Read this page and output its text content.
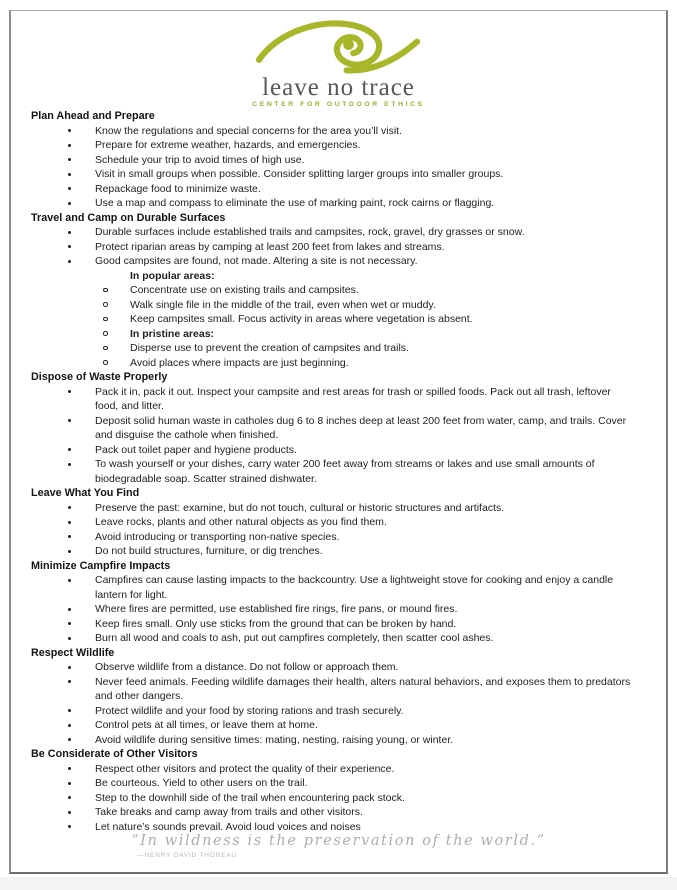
leave no trace
CENTER FOR OUTDOOR ETHICS
Plan Ahead and Prepare
Know the regulations and special concerns for the area you’ll visit.
Prepare for extreme weather, hazards, and emergencies.
Schedule your trip to avoid times of high use.
Visit in small groups when possible. Consider splitting larger groups into smaller groups.
Repackage food to minimize waste.
Use a map and compass to eliminate the use of marking paint, rock cairns or flagging.
Travel and Camp on Durable Surfaces
Durable surfaces include established trails and campsites, rock, gravel, dry grasses or snow.
Protect riparian areas by camping at least 200 feet from lakes and streams.
Good campsites are found, not made. Altering a site is not necessary.
In popular areas:
Concentrate use on existing trails and campsites.
Walk single file in the middle of the trail, even when wet or muddy.
Keep campsites small. Focus activity in areas where vegetation is absent.
In pristine areas:
Disperse use to prevent the creation of campsites and trails.
Avoid places where impacts are just beginning.
Dispose of Waste Properly
Pack it in, pack it out. Inspect your campsite and rest areas for trash or spilled foods. Pack out all trash, leftover food, and litter.
Deposit solid human waste in catholes dug 6 to 8 inches deep at least 200 feet from water, camp, and trails. Cover and disguise the cathole when finished.
Pack out toilet paper and hygiene products.
To wash yourself or your dishes, carry water 200 feet away from streams or lakes and use small amounts of biodegradable soap. Scatter strained dishwater.
Leave What You Find
Preserve the past: examine, but do not touch, cultural or historic structures and artifacts.
Leave rocks, plants and other natural objects as you find them.
Avoid introducing or transporting non-native species.
Do not build structures, furniture, or dig trenches.
Minimize Campfire Impacts
Campfires can cause lasting impacts to the backcountry. Use a lightweight stove for cooking and enjoy a candle lantern for light.
Where fires are permitted, use established fire rings, fire pans, or mound fires.
Keep fires small. Only use sticks from the ground that can be broken by hand.
Burn all wood and coals to ash, put out campfires completely, then scatter cool ashes.
Respect Wildlife
Observe wildlife from a distance. Do not follow or approach them.
Never feed animals. Feeding wildlife damages their health, alters natural behaviors, and exposes them to predators and other dangers.
Protect wildlife and your food by storing rations and trash securely.
Control pets at all times, or leave them at home.
Avoid wildlife during sensitive times: mating, nesting, raising young, or winter.
Be Considerate of Other Visitors
Respect other visitors and protect the quality of their experience.
Be courteous. Yield to other users on the trail.
Step to the downhill side of the trail when encountering pack stock.
Take breaks and camp away from trails and other visitors.
Let nature’s sounds prevail. Avoid loud voices and noises
“In wildness is the preservation of the world.”
—HENRY DAVID THOREAU
